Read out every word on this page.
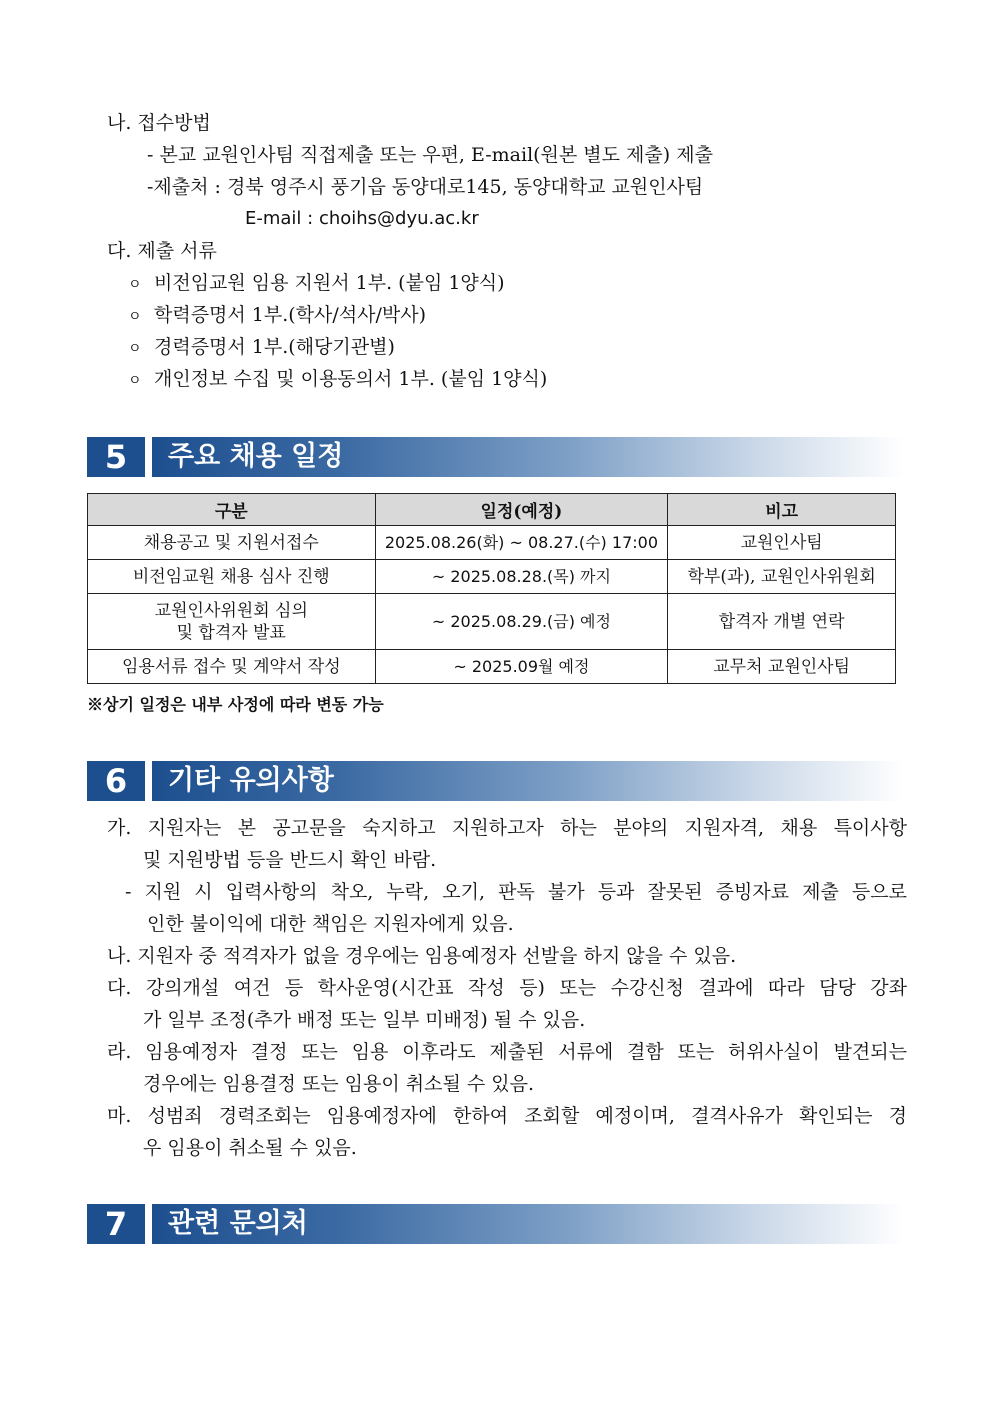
나. 접수방법
- 본교 교원인사팀 직접제출 또는 우편, E-mail(원본 별도 제출) 제출
-제출처 : 경북 영주시 풍기읍 동양대로145, 동양대학교 교원인사팀
E-mail : choihs@dyu.ac.kr
다. 제출 서류
ㅇ 비전임교원 임용 지원서 1부. (붙임 1양식)
ㅇ 학력증명서 1부.(학사/석사/박사)
ㅇ 경력증명서 1부.(해당기관별)
ㅇ 개인정보 수집 및 이용동의서 1부. (붙임 1양식)
5	주요 채용 일정
구분	일정(예정)	비고
채용공고 및 지원서접수	2025.08.26(화) ~ 08.27.(수) 17:00	교원인사팀
비전임교원 채용 심사 진행	~ 2025.08.28.(목) 까지	학부(과), 교원인사위원회

교원인사위원회 심의
및 합격자 발표	~ 2025.08.29.(금) 예정	합격자 개별 연락
임용서류 접수 및 계약서 작성	~ 2025.09월 예정	교무처 교원인사팀
※상기 일정은 내부 사정에 따라 변동 가능
6	기타 유의사항
가. 지원자는 본 공고문을 숙지하고 지원하고자 하는 분야의 지원자격, 채용 특이사항
및 지원방법 등을 반드시 확인 바람.
- 지원 시 입력사항의 착오, 누락, 오기, 판독 불가 등과 잘못된 증빙자료 제출 등으로
인한 불이익에 대한 책임은 지원자에게 있음.
나. 지원자 중 적격자가 없을 경우에는 임용예정자 선발을 하지 않을 수 있음.
다. 강의개설 여건 등 학사운영(시간표 작성 등) 또는 수강신청 결과에 따라 담당 강좌
가 일부 조정(추가 배정 또는 일부 미배정) 될 수 있음.
라. 임용예정자 결정 또는 임용 이후라도 제출된 서류에 결함 또는 허위사실이 발견되는
경우에는 임용결정 또는 임용이 취소될 수 있음.
마. 성범죄 경력조회는 임용예정자에 한하여 조회할 예정이며, 결격사유가 확인되는 경
우 임용이 취소될 수 있음.
7	관련 문의처
